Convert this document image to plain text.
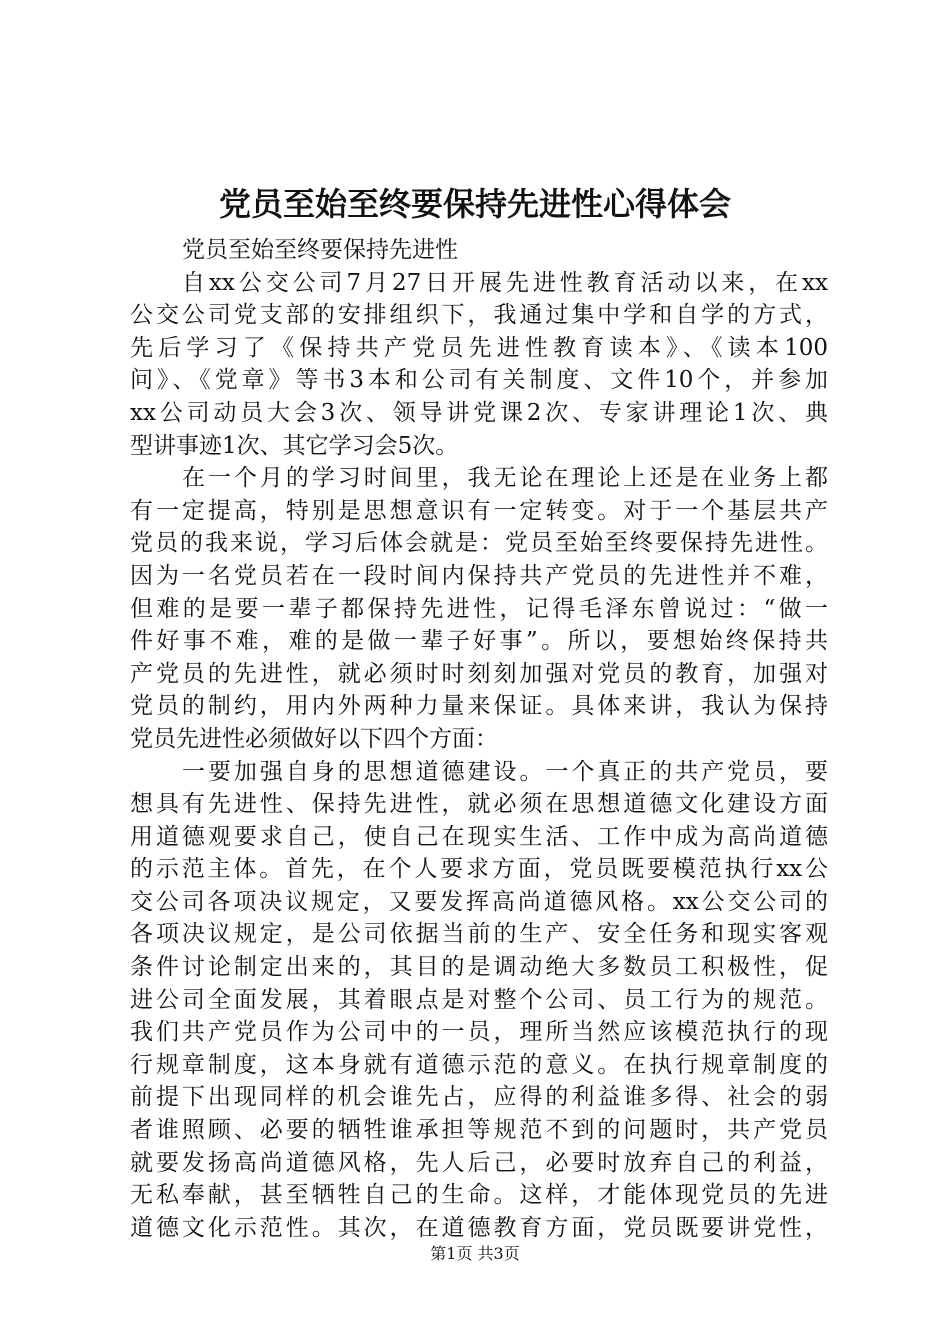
党员至始至终要保持先进性心得体会
党员至始至终要保持先进性
自xx公交公司7月27日开展先进性教育活动以来，在xx
公交公司党支部的安排组织下，我通过集中学和自学的方式，
先后学习了《保持共产党员先进性教育读本》、《读本100
问》、《党章》等书3本和公司有关制度、文件10个，并参加
xx公司动员大会3次、领导讲党课2次、专家讲理论1次、典
型讲事迹1次、其它学习会5次。
在一个月的学习时间里，我无论在理论上还是在业务上都
有一定提高，特别是思想意识有一定转变。对于一个基层共产
党员的我来说，学习后体会就是：党员至始至终要保持先进性。
因为一名党员若在一段时间内保持共产党员的先进性并不难，
但难的是要一辈子都保持先进性，记得毛泽东曾说过：“做一
件好事不难，难的是做一辈子好事”。所以，要想始终保持共
产党员的先进性，就必须时时刻刻加强对党员的教育，加强对
党员的制约，用内外两种力量来保证。具体来讲，我认为保持
党员先进性必须做好以下四个方面：
一要加强自身的思想道德建设。一个真正的共产党员，要
想具有先进性、保持先进性，就必须在思想道德文化建设方面
用道德观要求自己，使自己在现实生活、工作中成为高尚道德
的示范主体。首先，在个人要求方面，党员既要模范执行xx公
交公司各项决议规定，又要发挥高尚道德风格。xx公交公司的
各项决议规定，是公司依据当前的生产、安全任务和现实客观
条件讨论制定出来的，其目的是调动绝大多数员工积极性，促
进公司全面发展，其着眼点是对整个公司、员工行为的规范。
我们共产党员作为公司中的一员，理所当然应该模范执行的现
行规章制度，这本身就有道德示范的意义。在执行规章制度的
前提下出现同样的机会谁先占，应得的利益谁多得、社会的弱
者谁照顾、必要的牺牲谁承担等规范不到的问题时，共产党员
就要发扬高尚道德风格，先人后己，必要时放弃自己的利益，
无私奉献，甚至牺牲自己的生命。这样，才能体现党员的先进
道德文化示范性。其次，在道德教育方面，党员既要讲党性，
第1页 共3页
